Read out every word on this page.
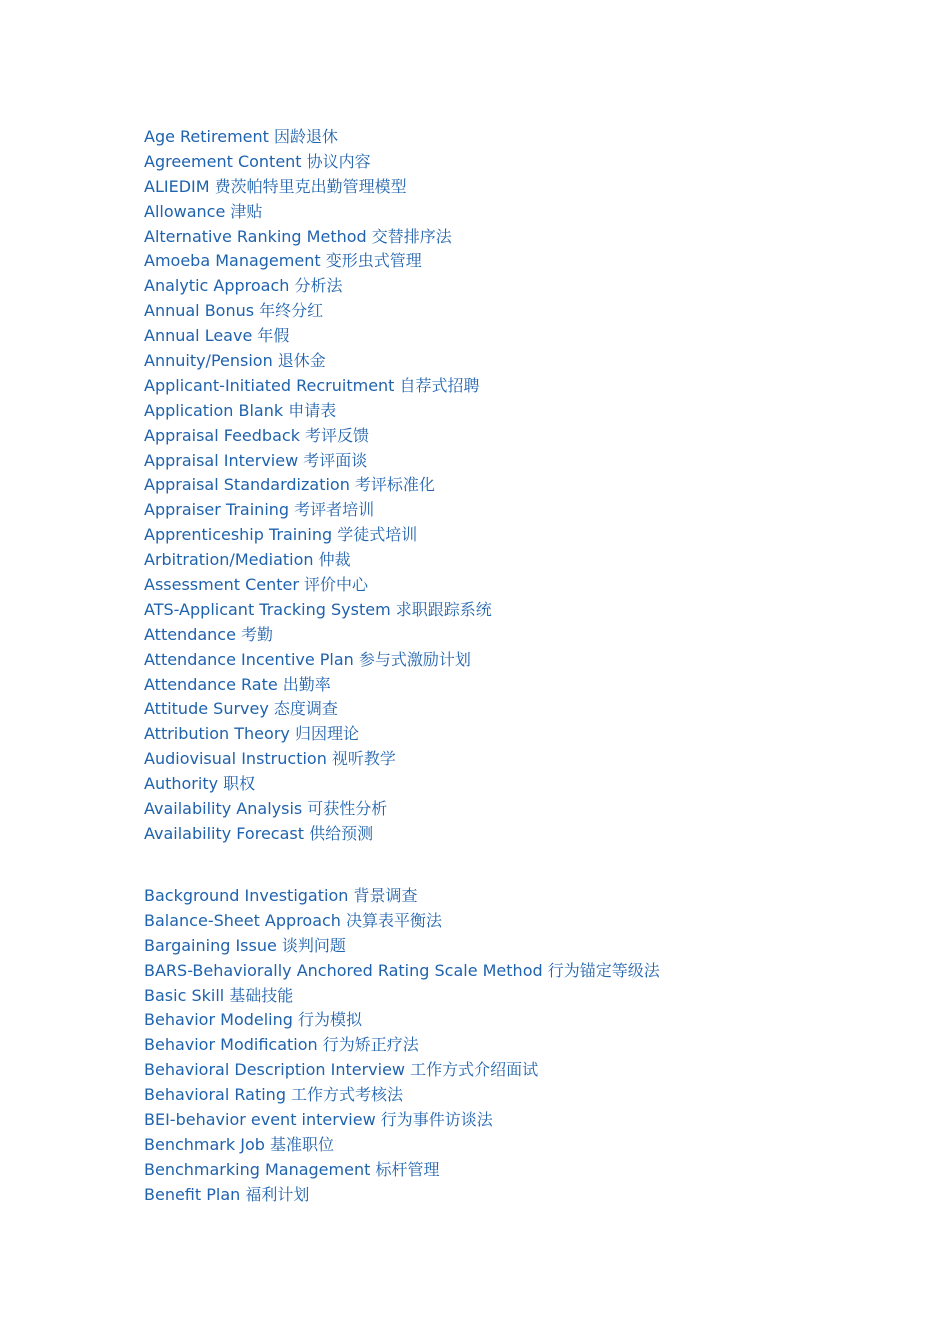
Age Retirement 因龄退休
Agreement Content 协议内容
ALIEDIM 费茨帕特里克出勤管理模型
Allowance 津贴
Alternative Ranking Method 交替排序法
Amoeba Management 变形虫式管理
Analytic Approach 分析法
Annual Bonus 年终分红
Annual Leave 年假
Annuity/Pension 退休金
Applicant-Initiated Recruitment 自荐式招聘
Application Blank 申请表
Appraisal Feedback 考评反馈
Appraisal Interview 考评面谈
Appraisal Standardization 考评标准化
Appraiser Training 考评者培训
Apprenticeship Training 学徒式培训
Arbitration/Mediation 仲裁
Assessment Center 评价中心
ATS-Applicant Tracking System 求职跟踪系统
Attendance 考勤
Attendance Incentive Plan 参与式激励计划
Attendance Rate 出勤率
Attitude Survey 态度调查
Attribution Theory 归因理论
Audiovisual Instruction 视听教学
Authority 职权
Availability Analysis 可获性分析
Availability Forecast 供给预测
Background Investigation 背景调查
Balance-Sheet Approach 决算表平衡法
Bargaining Issue 谈判问题
BARS-Behaviorally Anchored Rating Scale Method 行为锚定等级法
Basic Skill 基础技能
Behavior Modeling 行为模拟
Behavior Modification 行为矫正疗法
Behavioral Description Interview 工作方式介绍面试
Behavioral Rating 工作方式考核法
BEI-behavior event interview 行为事件访谈法
Benchmark Job 基准职位
Benchmarking Management 标杆管理
Benefit Plan 福利计划
